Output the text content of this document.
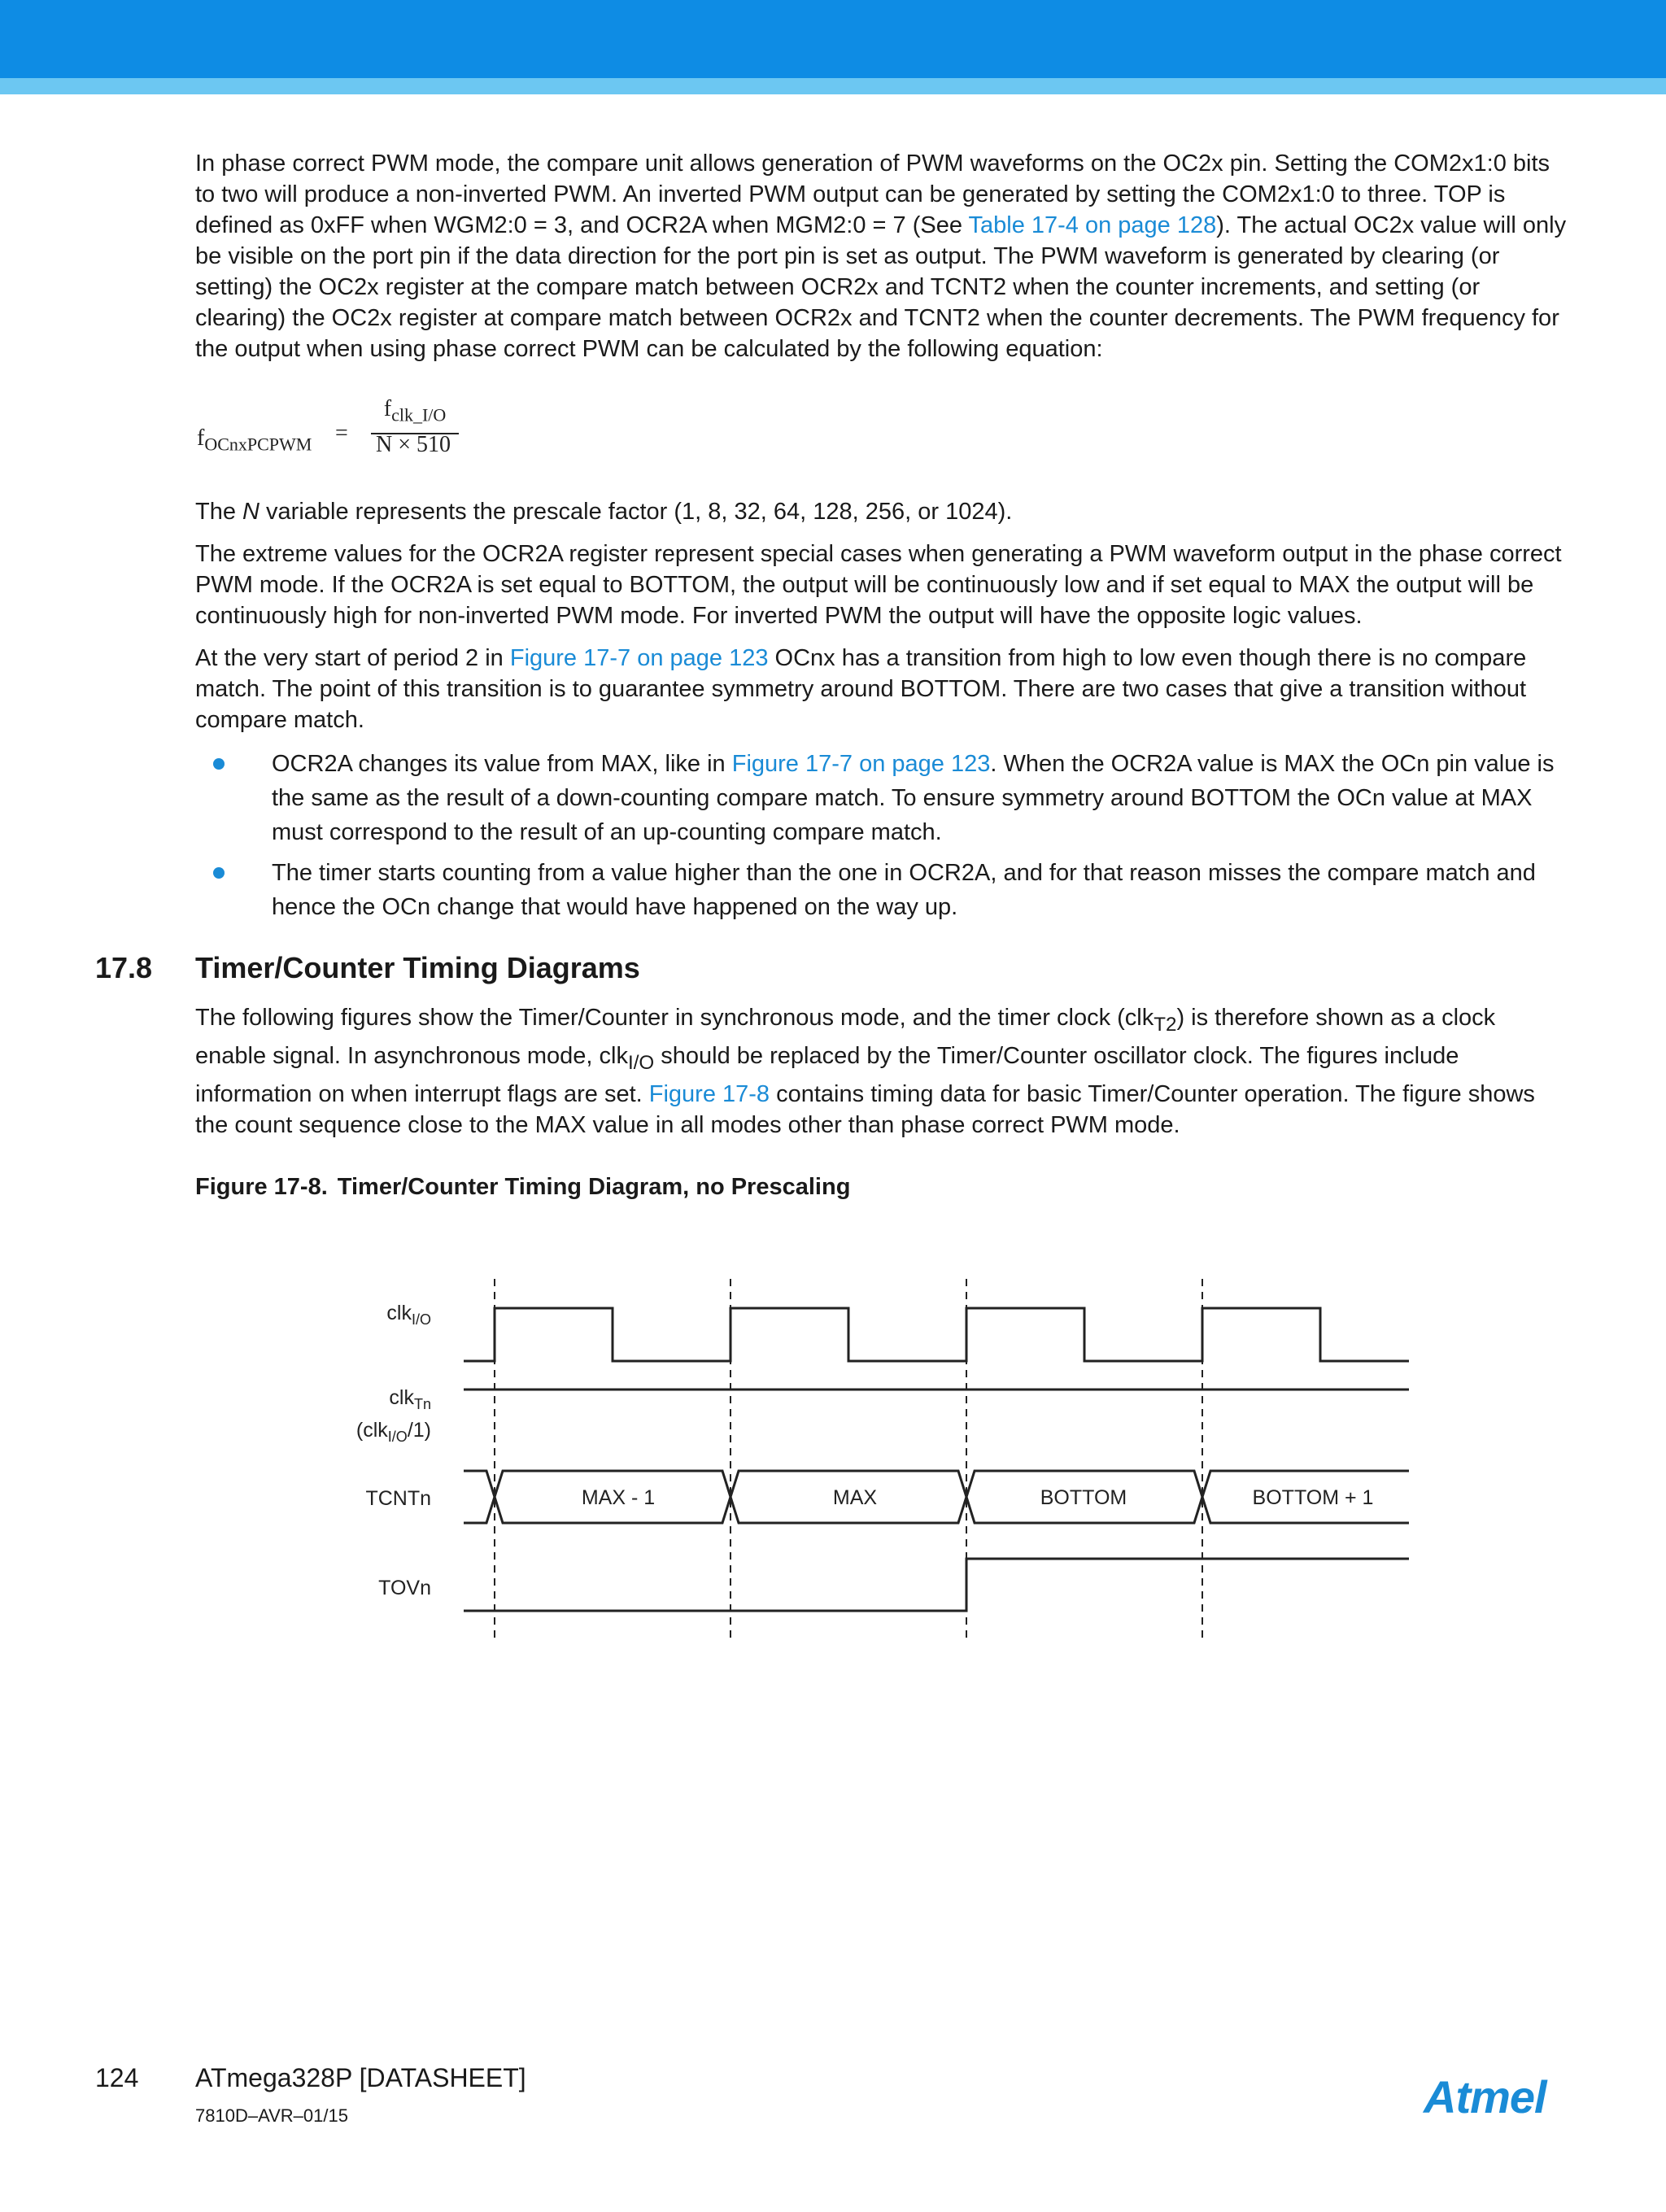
In phase correct PWM mode, the compare unit allows generation of PWM waveforms on the OC2x pin. Setting the COM2x1:0 bits to two will produce a non-inverted PWM. An inverted PWM output can be generated by setting the COM2x1:0 to three. TOP is defined as 0xFF when WGM2:0 = 3, and OCR2A when MGM2:0 = 7 (See Table 17-4 on page 128). The actual OC2x value will only be visible on the port pin if the data direction for the port pin is set as output. The PWM waveform is generated by clearing (or setting) the OC2x register at the compare match between OCR2x and TCNT2 when the counter increments, and setting (or clearing) the OC2x register at compare match between OCR2x and TCNT2 when the counter decrements. The PWM frequency for the output when using phase correct PWM can be calculated by the following equation:

$f_{OCnxPCPWM}$ =
$f_{clk\_I/O}$
N × 510

The N variable represents the prescale factor (1, 8, 32, 64, 128, 256, or 1024).

The extreme values for the OCR2A register represent special cases when generating a PWM waveform output in the phase correct PWM mode. If the OCR2A is set equal to BOTTOM, the output will be continuously low and if set equal to MAX the output will be continuously high for non-inverted PWM mode. For inverted PWM the output will have the opposite logic values.

At the very start of period 2 in Figure 17-7 on page 123 OCnx has a transition from high to low even though there is no compare match. The point of this transition is to guarantee symmetry around BOTTOM. There are two cases that give a transition without compare match.

OCR2A changes its value from MAX, like in Figure 17-7 on page 123. When the OCR2A value is MAX the OCn pin value is the same as the result of a down-counting compare match. To ensure symmetry around BOTTOM the OCn value at MAX must correspond to the result of an up-counting compare match.
The timer starts counting from a value higher than the one in OCR2A, and for that reason misses the compare match and hence the OCn change that would have happened on the way up.
17.8 Timer/Counter Timing Diagrams

The following figures show the Timer/Counter in synchronous mode, and the timer clock (clk$_{T2}$) is therefore shown as a clock enable signal. In asynchronous mode, clk$_{I/O}$ should be replaced by the Timer/Counter oscillator clock. The figures include information on when interrupt flags are set. Figure 17-8 contains timing data for basic Timer/Counter operation. The figure shows the count sequence close to the MAX value in all modes other than phase correct PWM mode.

Figure 17-8. Timer/Counter Timing Diagram, no Prescaling
clk$_{I/O}$
clk$_{Tn}$
(clk$_{I/O}$/1)
TCNTn
TOVn
MAX - 1	MAX	BOTTOM	BOTTOM + 1
124 ATmega328P [DATASHEET]
7810D–AVR–01/15	Atmel
